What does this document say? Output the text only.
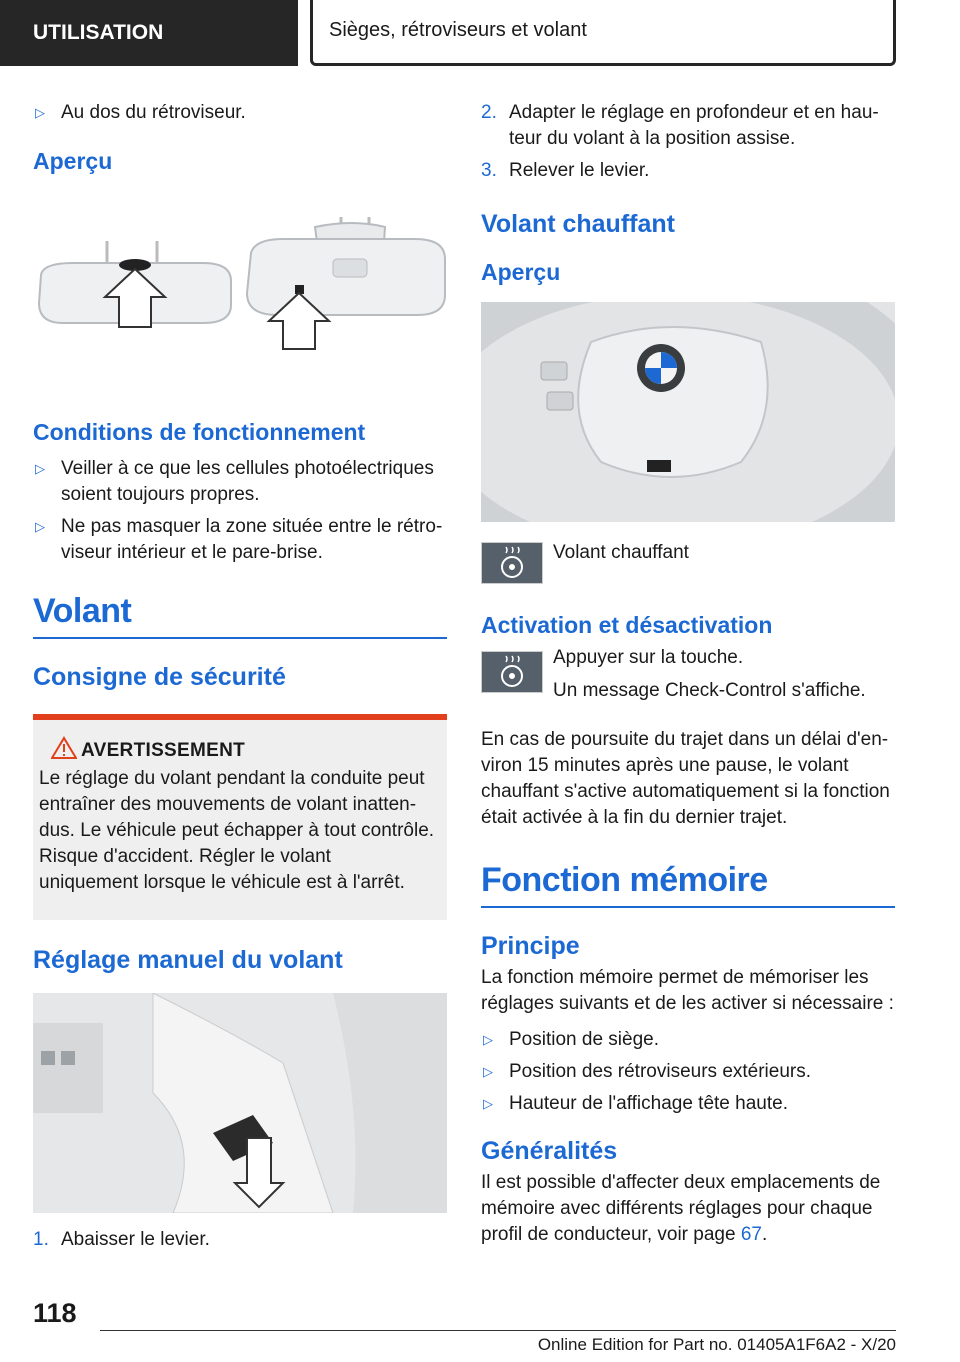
UTILISATION	Sièges, rétroviseurs et volant
▷ Au dos du rétroviseur.
Aperçu
Conditions de fonctionnement
▷ Veiller à ce que les cellules photoélectriques soient toujours propres.
▷ Ne pas masquer la zone située entre le rétroviseur intérieur et le pare-brise.
Volant
Consigne de sécurité
AVERTISSEMENT
Le réglage du volant pendant la conduite peut entraîner des mouvements de volant inattendus. Le véhicule peut échapper à tout contrôle. Risque d'accident. Régler le volant uniquement lorsque le véhicule est à l'arrêt.
Réglage manuel du volant
1. Abaisser le levier.
2. Adapter le réglage en profondeur et en hauteur du volant à la position assise.
3. Relever le levier.
Volant chauffant
Aperçu
Volant chauffant
Activation et désactivation
Appuyer sur la touche.
Un message Check-Control s'affiche.

En cas de poursuite du trajet dans un délai d'environ 15 minutes après une pause, le volant chauffant s'active automatiquement si la fonction était activée à la fin du dernier trajet.

Fonction mémoire
Principe

La fonction mémoire permet de mémoriser les réglages suivants et de les activer si nécessaire :

▷ Position de siège.
▷ Position des rétroviseurs extérieurs.
▷ Hauteur de l'affichage tête haute.
Généralités

Il est possible d'affecter deux emplacements de mémoire avec différents réglages pour chaque profil de conducteur, voir page 67.

118
Online Edition for Part no. 01405A1F6A2 - X/20
